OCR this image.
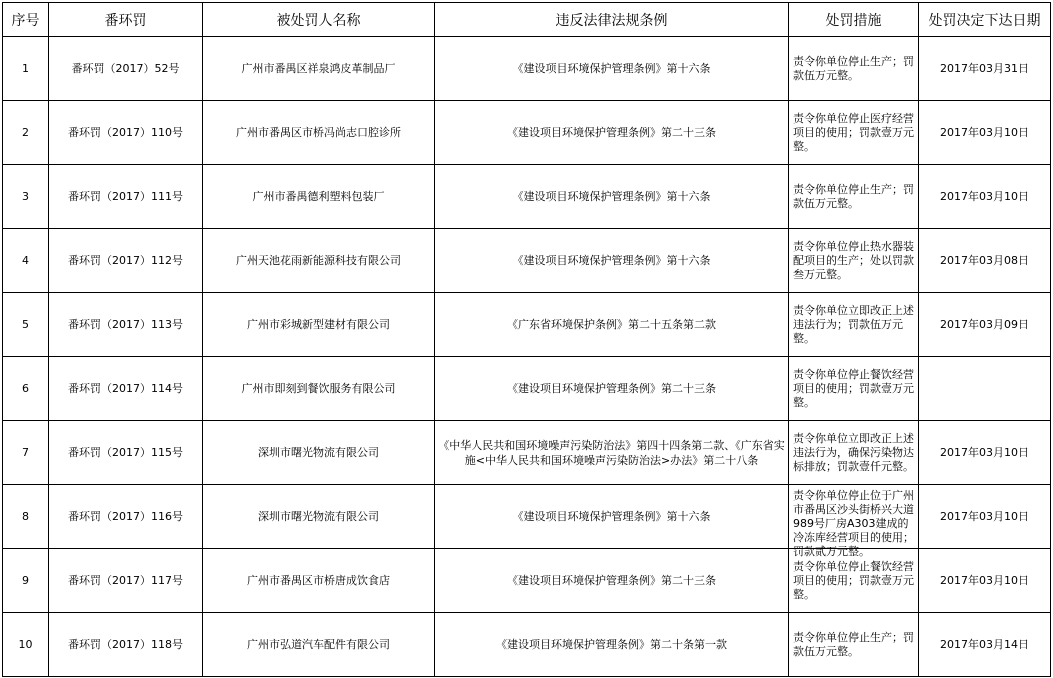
序号	番环罚	被处罚人名称	违反法律法规条例	处罚措施	处罚决定下达日期
1	番环罚（2017）52号	广州市番禺区祥泉鸿皮革制品厂	《建设项目环境保护管理条例》第十六条	责令你单位停止生产；罚款伍万元整。	2017年03月31日
2	番环罚（2017）110号	广州市番禺区市桥冯尚志口腔诊所	《建设项目环境保护管理条例》第二十三条	责令你单位停止医疗经营项目的使用；罚款壹万元整。	2017年03月10日
3	番环罚（2017）111号	广州市番禺德利塑料包装厂	《建设项目环境保护管理条例》第十六条	责令你单位停止生产；罚款伍万元整。	2017年03月10日
4	番环罚（2017）112号	广州天池花雨新能源科技有限公司	《建设项目环境保护管理条例》第十六条	责令你单位停止热水器装配项目的生产；处以罚款叁万元整。	2017年03月08日
5	番环罚（2017）113号	广州市彩城新型建材有限公司	《广东省环境保护条例》第二十五条第二款	责令你单位立即改正上述违法行为；罚款伍万元整。	2017年03月09日
6	番环罚（2017）114号	广州市即刻到餐饮服务有限公司	《建设项目环境保护管理条例》第二十三条	责令你单位停止餐饮经营项目的使用；罚款壹万元整。	

7	番环罚（2017）115号	深圳市曙光物流有限公司	《中华人民共和国环境噪声污染防治法》第四十四条第二款、《广东省实施<中华人民共和国环境噪声污染防治法>办法》第二十八条	责令你单位立即改正上述违法行为，确保污染物达标排放；罚款壹仟元整。	2017年03月10日
8	番环罚（2017）116号	深圳市曙光物流有限公司	《建设项目环境保护管理条例》第十六条	责令你单位停止位于广州市番禺区沙头街桥兴大道989号厂房A303建成的冷冻库经营项目的使用；罚款贰万元整。	2017年03月10日
9	番环罚（2017）117号	广州市番禺区市桥唐成饮食店	《建设项目环境保护管理条例》第二十三条	责令你单位停止餐饮经营项目的使用；罚款壹万元整。	2017年03月10日
10	番环罚（2017）118号	广州市弘道汽车配件有限公司	《建设项目环境保护管理条例》第二十条第一款	责令你单位停止生产；罚款伍万元整。	2017年03月14日
